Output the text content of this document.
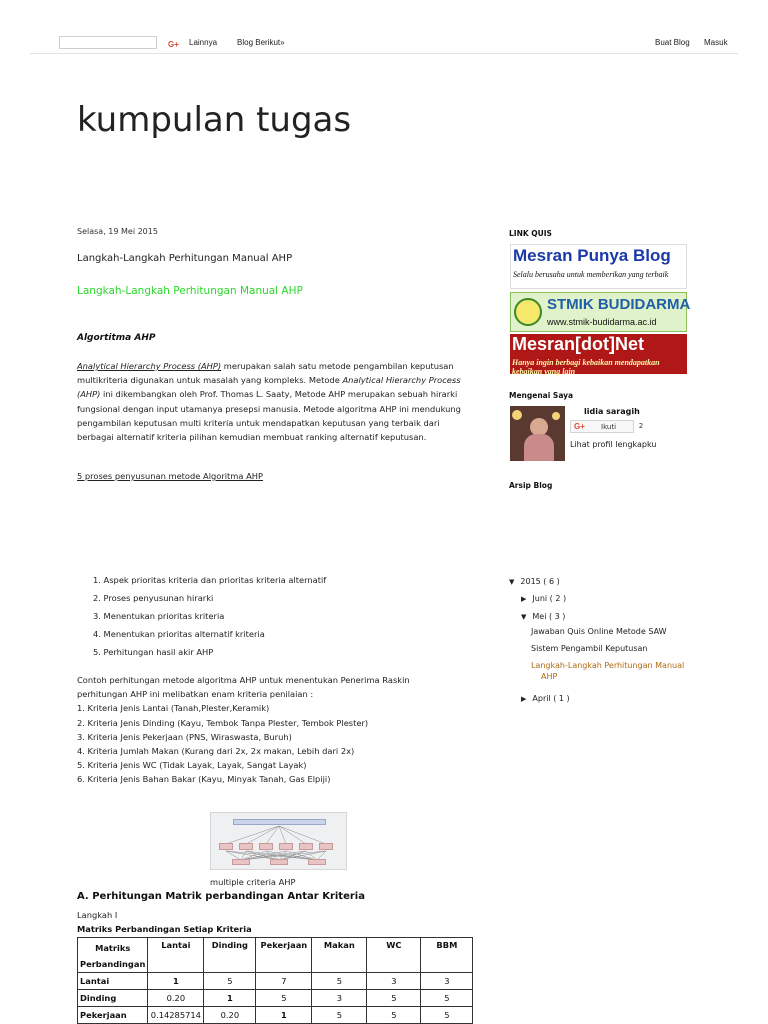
G+ Lainnya Blog Berikut»	Buat Blog Masuk
kumpulan tugas
Selasa, 19 Mei 2015
Langkah-Langkah Perhitungan Manual AHP
Langkah-Langkah Perhitungan Manual AHP
Algortitma AHP
Analytical Hierarchy Process (AHP) merupakan salah satu metode pengambilan keputusan multikriteria digunakan untuk masalah yang kompleks. Metode Analytical Hierarchy Process (AHP) ini dikembangkan oleh Prof. Thomas L. Saaty, Metode AHP merupakan sebuah hirarki fungsional dengan input utamanya presepsi manusia. Metode algoritma AHP ini mendukung pengambilan keputusan multi kriteria untuk mendapatkan keputusan yang terbaik dari berbagai alternatif kriteria pilihan kemudian membuat ranking alternatif keputusan.
5 proses penyusunan metode Algoritma AHP
1. Aspek prioritas kriteria dan prioritas kriteria alternatif
2. Proses penyusunan hirarki
3. Menentukan prioritas kriteria
4. Menentukan prioritas alternatif kriteria
5. Perhitungan hasil akir AHP
Contoh perhitungan metode algoritma AHP untuk menentukan Penerima Raskin
perhitungan AHP ini melibatkan enam kriteria penilaian :
1. Kriteria Jenis Lantai (Tanah,Plester,Keramik)
2. Kriteria Jenis Dinding (Kayu, Tembok Tanpa Plester, Tembok Plester)
3. Kriteria Jenis Pekerjaan (PNS, Wiraswasta, Buruh)
4. Kriteria Jumlah Makan (Kurang dari 2x, 2x makan, Lebih dari 2x)
5. Kriteria Jenis WC (Tidak Layak, Layak, Sangat Layak)
6. Kriteria Jenis Bahan Bakar (Kayu, Minyak Tanah, Gas Elpiji)
multiple criteria AHP
A. Perhitungan Matrik perbandingan Antar Kriteria
Langkah I
Matriks Perbandingan Setiap Kriteria
Matriks Perbandingan	Lantai	Dinding	Pekerjaan	Makan	WC	BBM
Lantai	1	5	7	5	3	3
Dinding	0.20	1	5	3	5	5
Pekerjaan	0.14285714	0.20	1	5	5	5
LINK QUIS
Mesran Punya Blog
Selalu berusaha untuk memberikan yang terbaik
STMIK BUDIDARMA
www.stmik-budidarma.ac.id
Mesran[dot]Net
Hanya ingin berbagi kebaikan mendapatkan kebaikan yang lain
Mengenai Saya
lidia saragih
G+ Ikuti	2
Lihat profil lengkapku
Arsip Blog
▼ 2015 ( 6 )
▶ Juni ( 2 )
▼ Mei ( 3 )
Jawaban Quis Online Metode SAW
Sistem Pengambil Keputusan
Langkah-Langkah Perhitungan Manual
AHP
▶ April ( 1 )
